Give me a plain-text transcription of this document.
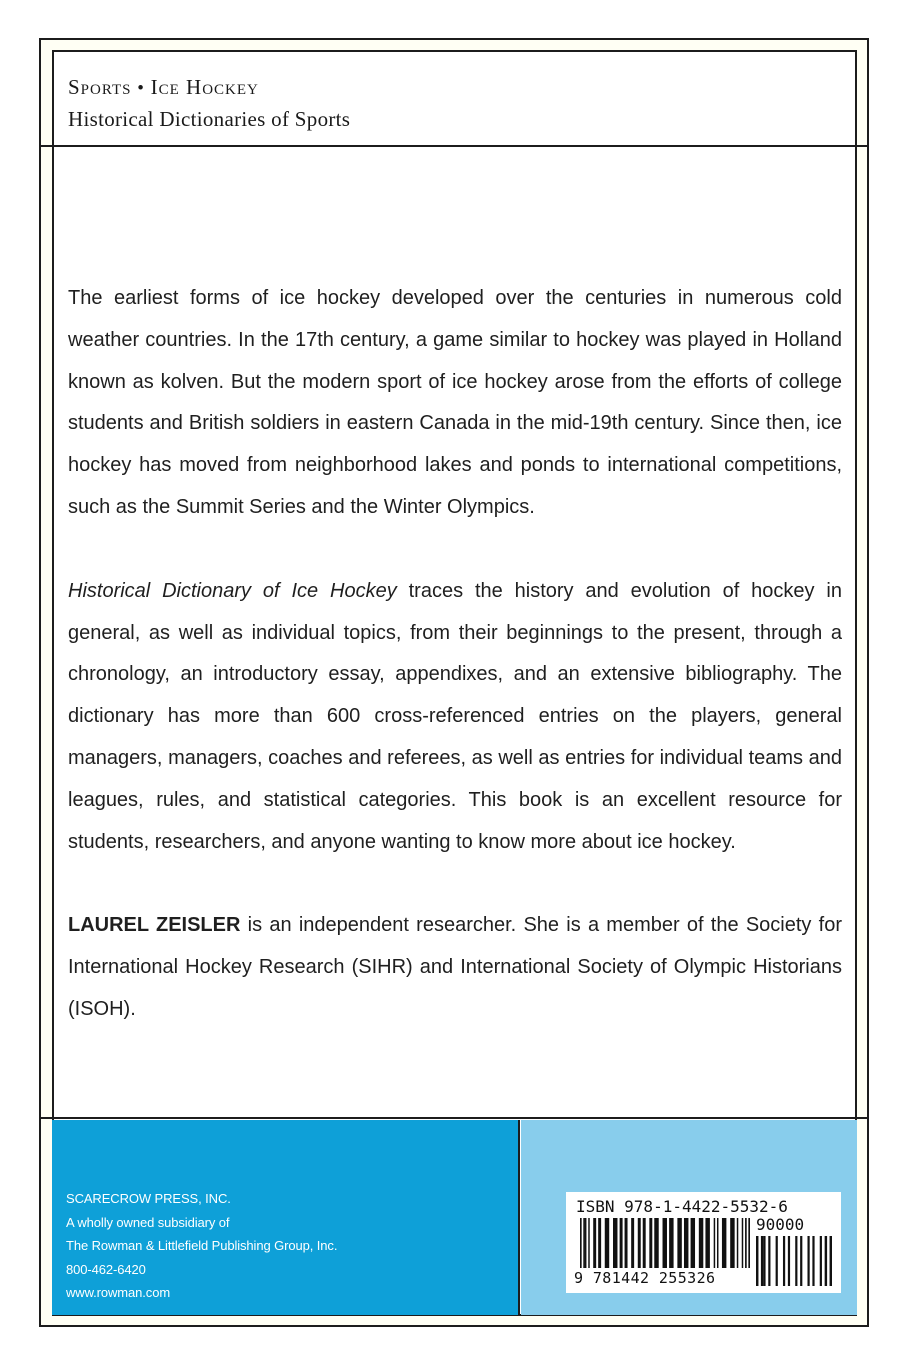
Sports • Ice Hockey
Historical Dictionaries of Sports

The earliest forms of ice hockey developed over the centuries in numerous cold weather countries. In the 17th century, a game similar to hockey was played in Holland known as kolven. But the modern sport of ice hockey arose from the efforts of college students and British soldiers in eastern Canada in the mid-19th century. Since then, ice hockey has moved from neighborhood lakes and ponds to international competitions, such as the Summit Series and the Winter Olympics.

Historical Dictionary of Ice Hockey traces the history and evolution of hockey in general, as well as individual topics, from their beginnings to the present, through a chronology, an introductory essay, appendixes, and an extensive bibliography. The dictionary has more than 600 cross-referenced entries on the players, general managers, managers, coaches and referees, as well as entries for individual teams and leagues, rules, and statistical categories. This book is an excellent resource for students, researchers, and anyone wanting to know more about ice hockey.

LAUREL ZEISLER is an independent researcher. She is a member of the Society for International Hockey Research (SIHR) and International Society of Olympic Historians (ISOH).

SCARECROW PRESS, INC.
A wholly owned subsidiary of
The Rowman & Littlefield Publishing Group, Inc.
800-462-6420
www.rowman.com
ISBN 978-1-4422-5532-6
90000
9 781442 255326
